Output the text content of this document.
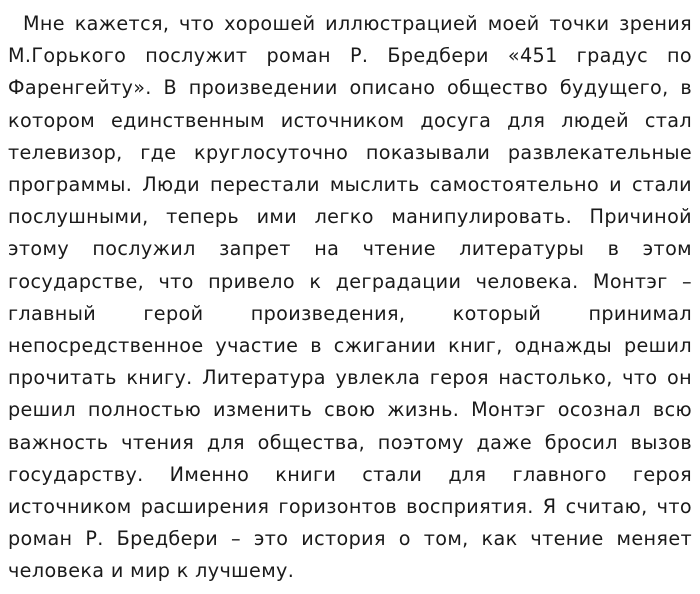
Мне кажется, что хорошей иллюстрацией моей точки зрения М.Горького послужит роман Р. Бредбери «451 градус по Фаренгейту». В произведении описано общество будущего, в котором единственным источником досуга для людей стал телевизор, где круглосуточно показывали развлекательные программы. Люди перестали мыслить самостоятельно и стали послушными, теперь ими легко манипулировать. Причиной этому послужил запрет на чтение литературы в этом государстве, что привело к деградации человека. Монтэг – главный герой произведения, который принимал непосредственное участие в сжигании книг, однажды решил прочитать книгу. Литература увлекла героя настолько, что он решил полностью изменить свою жизнь. Монтэг осознал всю важность чтения для общества, поэтому даже бросил вызов государству. Именно книги стали для главного героя источником расширения горизонтов восприятия. Я считаю, что роман Р. Бредбери – это история о том, как чтение меняет человека и мир к лучшему.
